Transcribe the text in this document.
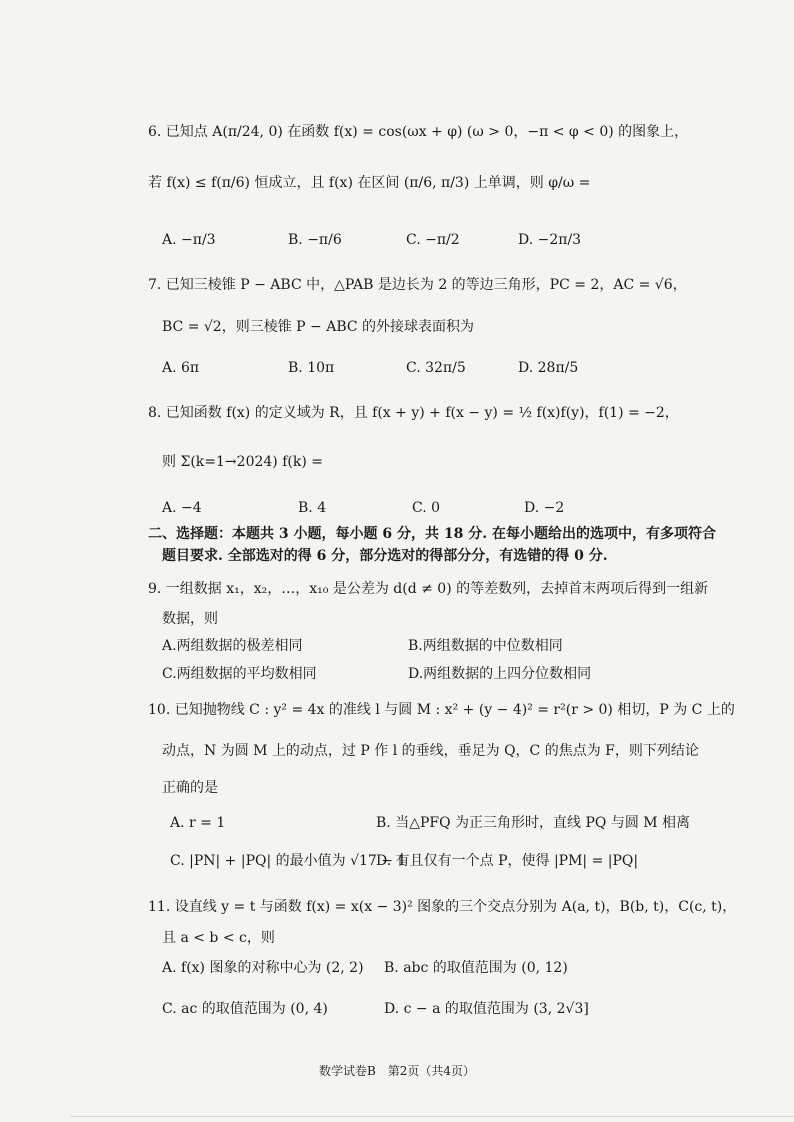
6. 已知点 A(π/24, 0) 在函数 f(x) = cos(ωx + φ) (ω > 0，−π < φ < 0) 的图象上，
若 f(x) ≤ f(π/6) 恒成立，且 f(x) 在区间 (π/6, π/3) 上单调，则 φ/ω =
A. −π/3	B. −π/6	C. −π/2	D. −2π/3
7. 已知三棱锥 P − ABC 中，△PAB 是边长为 2 的等边三角形，PC = 2，AC = √6，
BC = √2，则三棱锥 P − ABC 的外接球表面积为
A. 6π	B. 10π	C. 32π/5	D. 28π/5
8. 已知函数 f(x) 的定义域为 R，且 f(x + y) + f(x − y) = ½ f(x)f(y)，f(1) = −2，
则 Σ(k=1→2024) f(k) =
A. −4	B. 4	C. 0	D. −2
二、选择题：本题共 3 小题，每小题 6 分，共 18 分. 在每小题给出的选项中，有多项符合
题目要求. 全部选对的得 6 分，部分选对的得部分分，有选错的得 0 分.
9. 一组数据 x₁，x₂，…，x₁₀ 是公差为 d(d ≠ 0) 的等差数列，去掉首末两项后得到一组新
数据，则
A.两组数据的极差相同	B.两组数据的中位数相同
C.两组数据的平均数相同	D.两组数据的上四分位数相同
10. 已知抛物线 C : y² = 4x 的准线 l 与圆 M : x² + (y − 4)² = r²(r > 0) 相切，P 为 C 上的
动点，N 为圆 M 上的动点，过 P 作 l 的垂线，垂足为 Q，C 的焦点为 F，则下列结论
正确的是
A. r = 1	B. 当△PFQ 为正三角形时，直线 PQ 与圆 M 相离
C. |PN| + |PQ| 的最小值为 √17 − 1
D. 有且仅有一个点 P，使得 |PM| = |PQ|
11. 设直线 y = t 与函数 f(x) = x(x − 3)² 图象的三个交点分别为 A(a, t)，B(b, t)，C(c, t)，
且 a < b < c，则
A. f(x) 图象的对称中心为 (2, 2) B. abc 的取值范围为 (0, 12)
C. ac 的取值范围为 (0, 4)	D. c − a 的取值范围为 (3, 2√3]
数学试卷B　第2页（共4页）
